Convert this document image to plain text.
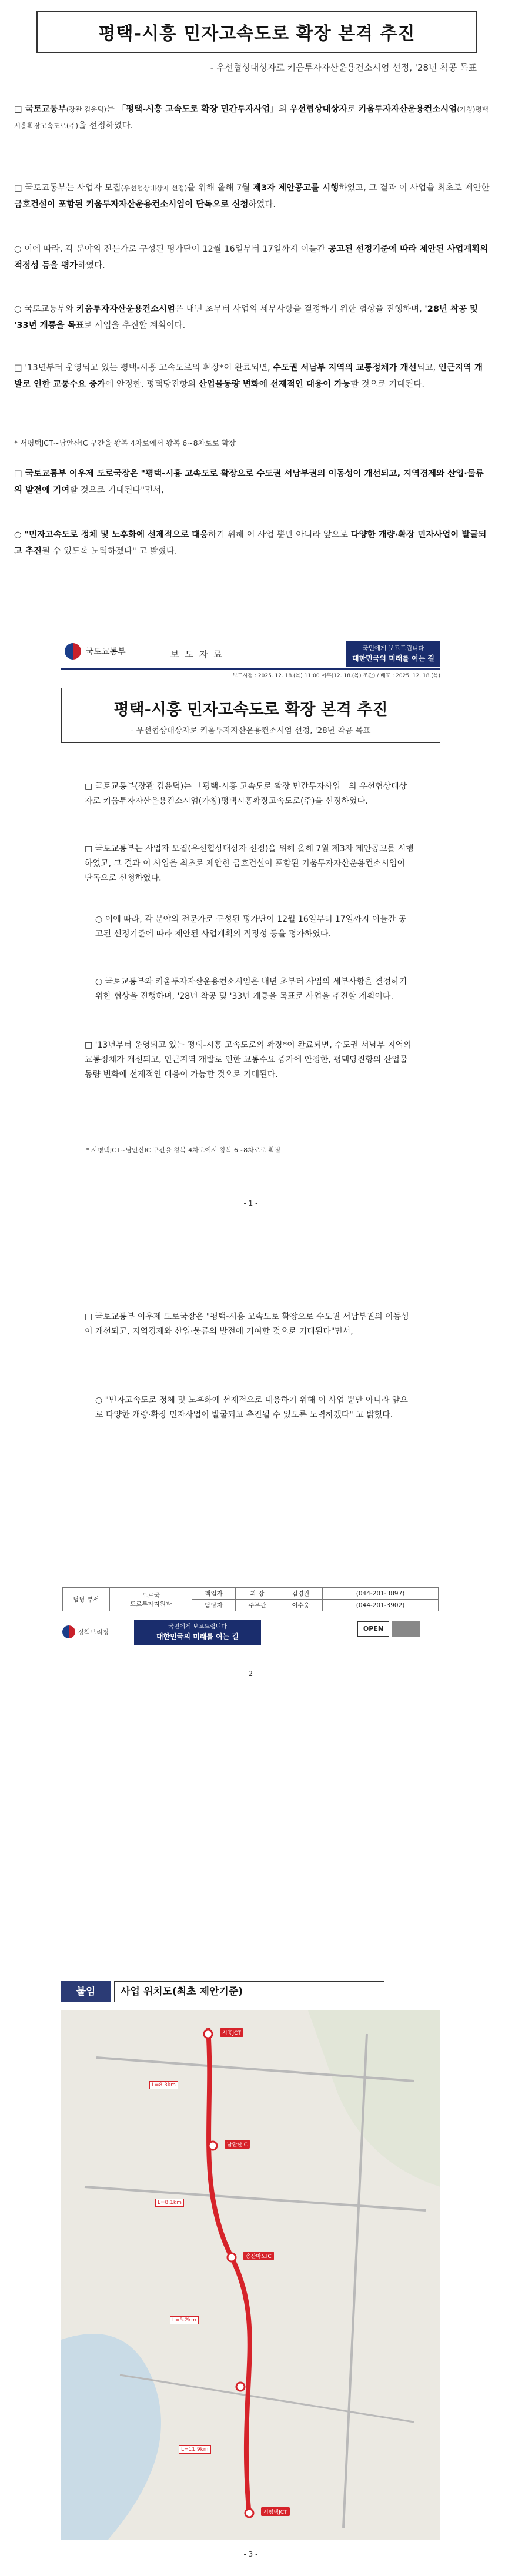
평택-시흥 민자고속도로 확장 본격 추진
- 우선협상대상자로 키움투자자산운용컨소시엄 선정, '28년 착공 목표
□ 국토교통부(장관 김윤덕)는 「평택-시흥 고속도로 확장 민간투자사업」의 우선협상대상자로 키움투자자산운용컨소시엄(가칭)평택시흥확장고속도로(주)을 선정하였다.
□ 국토교통부는 사업자 모집(우선협상대상자 선정)을 위해 올해 7월 제3자 제안공고를 시행하였고, 그 결과 이 사업을 최초로 제안한 금호건설이 포함된 키움투자자산운용컨소시엄이 단독으로 신청하였다.
○ 이에 따라, 각 분야의 전문가로 구성된 평가단이 12월 16일부터 17일까지 이틀간 공고된 선정기준에 따라 제안된 사업계획의 적정성 등을 평가하였다.
○ 국토교통부와 키움투자자산운용컨소시엄은 내년 초부터 사업의 세부사항을 결정하기 위한 협상을 진행하며, '28년 착공 및 '33년 개통을 목표로 사업을 추진할 계획이다.
□ '13년부터 운영되고 있는 평택-시흥 고속도로의 확장*이 완료되면, 수도권 서남부 지역의 교통정체가 개선되고, 인근지역 개발로 인한 교통수요 증가에 안정한, 평택당진항의 산업물동량 변화에 선제적인 대응이 가능할 것으로 기대된다.
* 서평택JCT~남안산IC 구간을 왕복 4차로에서 왕복 6~8차로로 확장
□ 국토교통부 이우제 도로국장은 "평택-시흥 고속도로 확장으로 수도권 서남부권의 이동성이 개선되고, 지역경제와 산업·물류의 발전에 기여할 것으로 기대된다"면서,
○ "민자고속도로 정체 및 노후화에 선제적으로 대응하기 위해 이 사업 뿐만 아니라 앞으로 다양한 개량·확장 민자사업이 발굴되고 추진될 수 있도록 노력하겠다" 고 밝혔다.
국토교통부	보도자료
국민에게 보고드립니다
대한민국의 미래를 여는 길
보도시점 : 2025. 12. 18.(목) 11:00 이후(12. 18.(목) 조간) / 배포 : 2025. 12. 18.(목)
평택-시흥 민자고속도로 확장 본격 추진
- 우선협상대상자로 키움투자자산운용컨소시엄 선정, '28년 착공 목표
□ 국토교통부(장관 김윤덕)는 「평택-시흥 고속도로 확장 민간투자사업」의 우선협상대상자로 키움투자자산운용컨소시엄(가칭)평택시흥확장고속도로(주)을 선정하였다.
□ 국토교통부는 사업자 모집(우선협상대상자 선정)을 위해 올해 7월 제3자 제안공고를 시행하였고, 그 결과 이 사업을 최초로 제안한 금호건설이 포함된 키움투자자산운용컨소시엄이 단독으로 신청하였다.
○ 이에 따라, 각 분야의 전문가로 구성된 평가단이 12월 16일부터 17일까지 이틀간 공고된 선정기준에 따라 제안된 사업계획의 적정성 등을 평가하였다.
○ 국토교통부와 키움투자자산운용컨소시엄은 내년 초부터 사업의 세부사항을 결정하기 위한 협상을 진행하며, '28년 착공 및 '33년 개통을 목표로 사업을 추진할 계획이다.
□ '13년부터 운영되고 있는 평택-시흥 고속도로의 확장*이 완료되면, 수도권 서남부 지역의 교통정체가 개선되고, 인근지역 개발로 인한 교통수요 증가에 안정한, 평택당진항의 산업물동량 변화에 선제적인 대응이 가능할 것으로 기대된다.
* 서평택JCT~남안산IC 구간을 왕복 4차로에서 왕복 6~8차로로 확장
- 1 -
□ 국토교통부 이우제 도로국장은 "평택-시흥 고속도로 확장으로 수도권 서남부권의 이동성이 개선되고, 지역경제와 산업·물류의 발전에 기여할 것으로 기대된다"면서,
○ "민자고속도로 정체 및 노후화에 선제적으로 대응하기 위해 이 사업 뿐만 아니라 앞으로 다양한 개량·확장 민자사업이 발굴되고 추진될 수 있도록 노력하겠다" 고 밝혔다.
담당 부서	도로국
도로투자지원과	책임자	과 장	김경완	(044-201-3897)
		담당자	주무관	이수웅	(044-201-3902)
정책브리핑
국민에게 보고드립니다
대한민국의 미래를 여는 길
OPEN
- 2 -
붙임	사업 위치도(최초 제안기준)
시흥JCT
남안산IC
송산마도IC
서평택JCT
L=8.3km
L=8.1km
L=5.2km
L=11.9km
- 3 -
